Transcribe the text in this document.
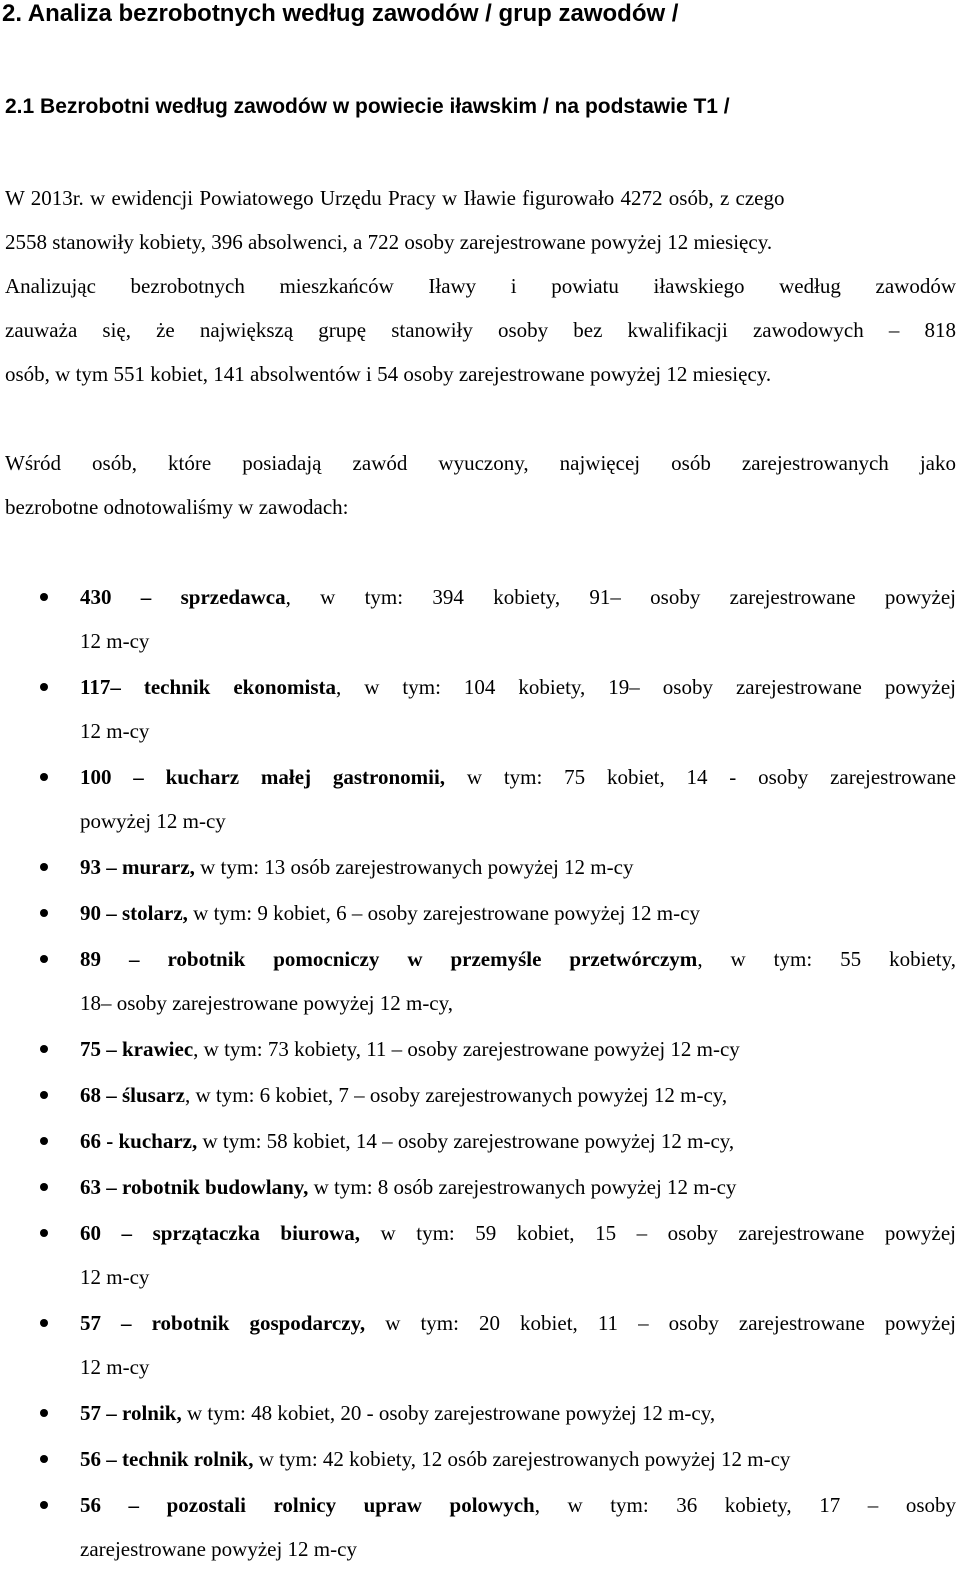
2. Analiza bezrobotnych według zawodów / grup zawodów /
2.1 Bezrobotni według zawodów w powiecie iławskim / na podstawie T1 /
W 2013r. w ewidencji Powiatowego Urzędu Pracy w Iławie figurowało 4272 osób, z czego
2558 stanowiły kobiety, 396 absolwenci, a 722 osoby zarejestrowane powyżej 12 miesięcy.
Analizując bezrobotnych mieszkańców Iławy i powiatu iławskiego według zawodów
zauważa się, że największą grupę stanowiły osoby bez kwalifikacji zawodowych – 818
osób, w tym 551 kobiet, 141 absolwentów i 54 osoby zarejestrowane powyżej 12 miesięcy.
Wśród osób, które posiadają zawód wyuczony, najwięcej osób zarejestrowanych jako
bezrobotne odnotowaliśmy w zawodach:
430 – sprzedawca, w tym: 394 kobiety, 91– osoby zarejestrowane powyżej
12 m-cy
117– technik ekonomista, w tym: 104 kobiety, 19– osoby zarejestrowane powyżej
12 m-cy
100 – kucharz małej gastronomii, w tym: 75 kobiet, 14 - osoby zarejestrowane
powyżej 12 m-cy
93 – murarz, w tym: 13 osób zarejestrowanych powyżej 12 m-cy
90 – stolarz, w tym: 9 kobiet, 6 – osoby zarejestrowane powyżej 12 m-cy
89 – robotnik pomocniczy w przemyśle przetwórczym, w tym: 55 kobiety,
18– osoby zarejestrowane powyżej 12 m-cy,
75 – krawiec, w tym: 73 kobiety, 11 – osoby zarejestrowane powyżej 12 m-cy
68 – ślusarz, w tym: 6 kobiet, 7 – osoby zarejestrowanych powyżej 12 m-cy,
66 - kucharz, w tym: 58 kobiet, 14 – osoby zarejestrowane powyżej 12 m-cy,
63 – robotnik budowlany, w tym: 8 osób zarejestrowanych powyżej 12 m-cy
60 – sprzątaczka biurowa, w tym: 59 kobiet, 15 – osoby zarejestrowane powyżej
12 m-cy
57 – robotnik gospodarczy, w tym: 20 kobiet, 11 – osoby zarejestrowane powyżej
12 m-cy
57 – rolnik, w tym: 48 kobiet, 20 - osoby zarejestrowane powyżej 12 m-cy,
56 – technik rolnik, w tym: 42 kobiety, 12 osób zarejestrowanych powyżej 12 m-cy
56 – pozostali rolnicy upraw polowych, w tym: 36 kobiety, 17 – osoby
zarejestrowane powyżej 12 m-cy
